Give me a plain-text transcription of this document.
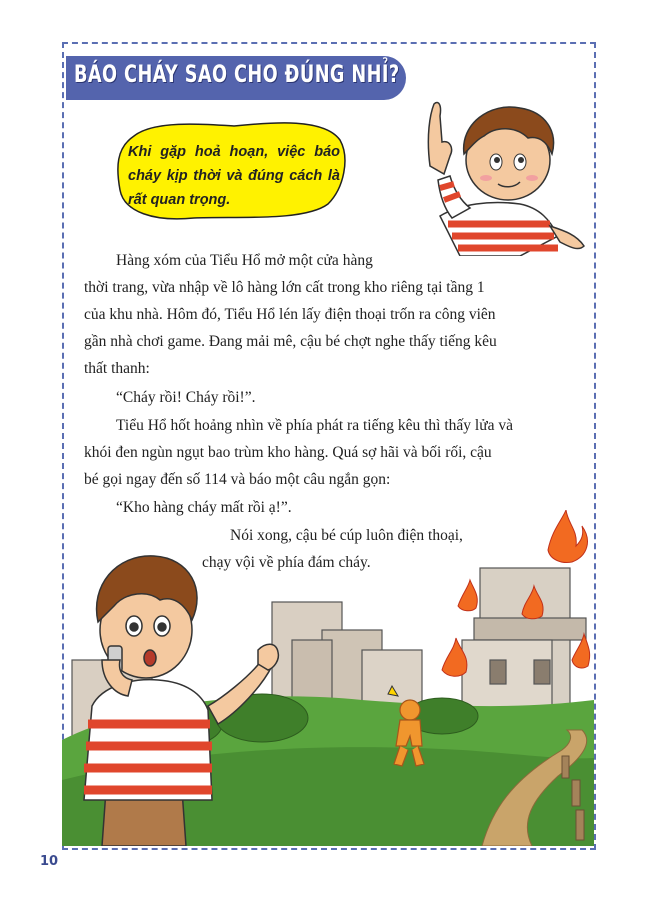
BÁO CHÁY SAO CHO ĐÚNG NHỈ?
Khi gặp hoả hoạn, việc báo cháy kịp thời và đúng cách là rất quan trọng.

Hàng xóm của Tiểu Hổ mở một cửa hàng

thời trang, vừa nhập về lô hàng lớn cất trong kho riêng tại tầng 1

của khu nhà. Hôm đó, Tiểu Hổ lén lấy điện thoại trốn ra công viên

gần nhà chơi game. Đang mải mê, cậu bé chợt nghe thấy tiếng kêu

thất thanh:

“Cháy rồi! Cháy rồi!”.

Tiểu Hổ hốt hoảng nhìn về phía phát ra tiếng kêu thì thấy lửa và

khói đen ngùn ngụt bao trùm kho hàng. Quá sợ hãi và bối rối, cậu

bé gọi ngay đến số 114 và báo một câu ngắn gọn:

“Kho hàng cháy mất rồi ạ!”.

Nói xong, cậu bé cúp luôn điện thoại,

chạy vội về phía đám cháy.

10
